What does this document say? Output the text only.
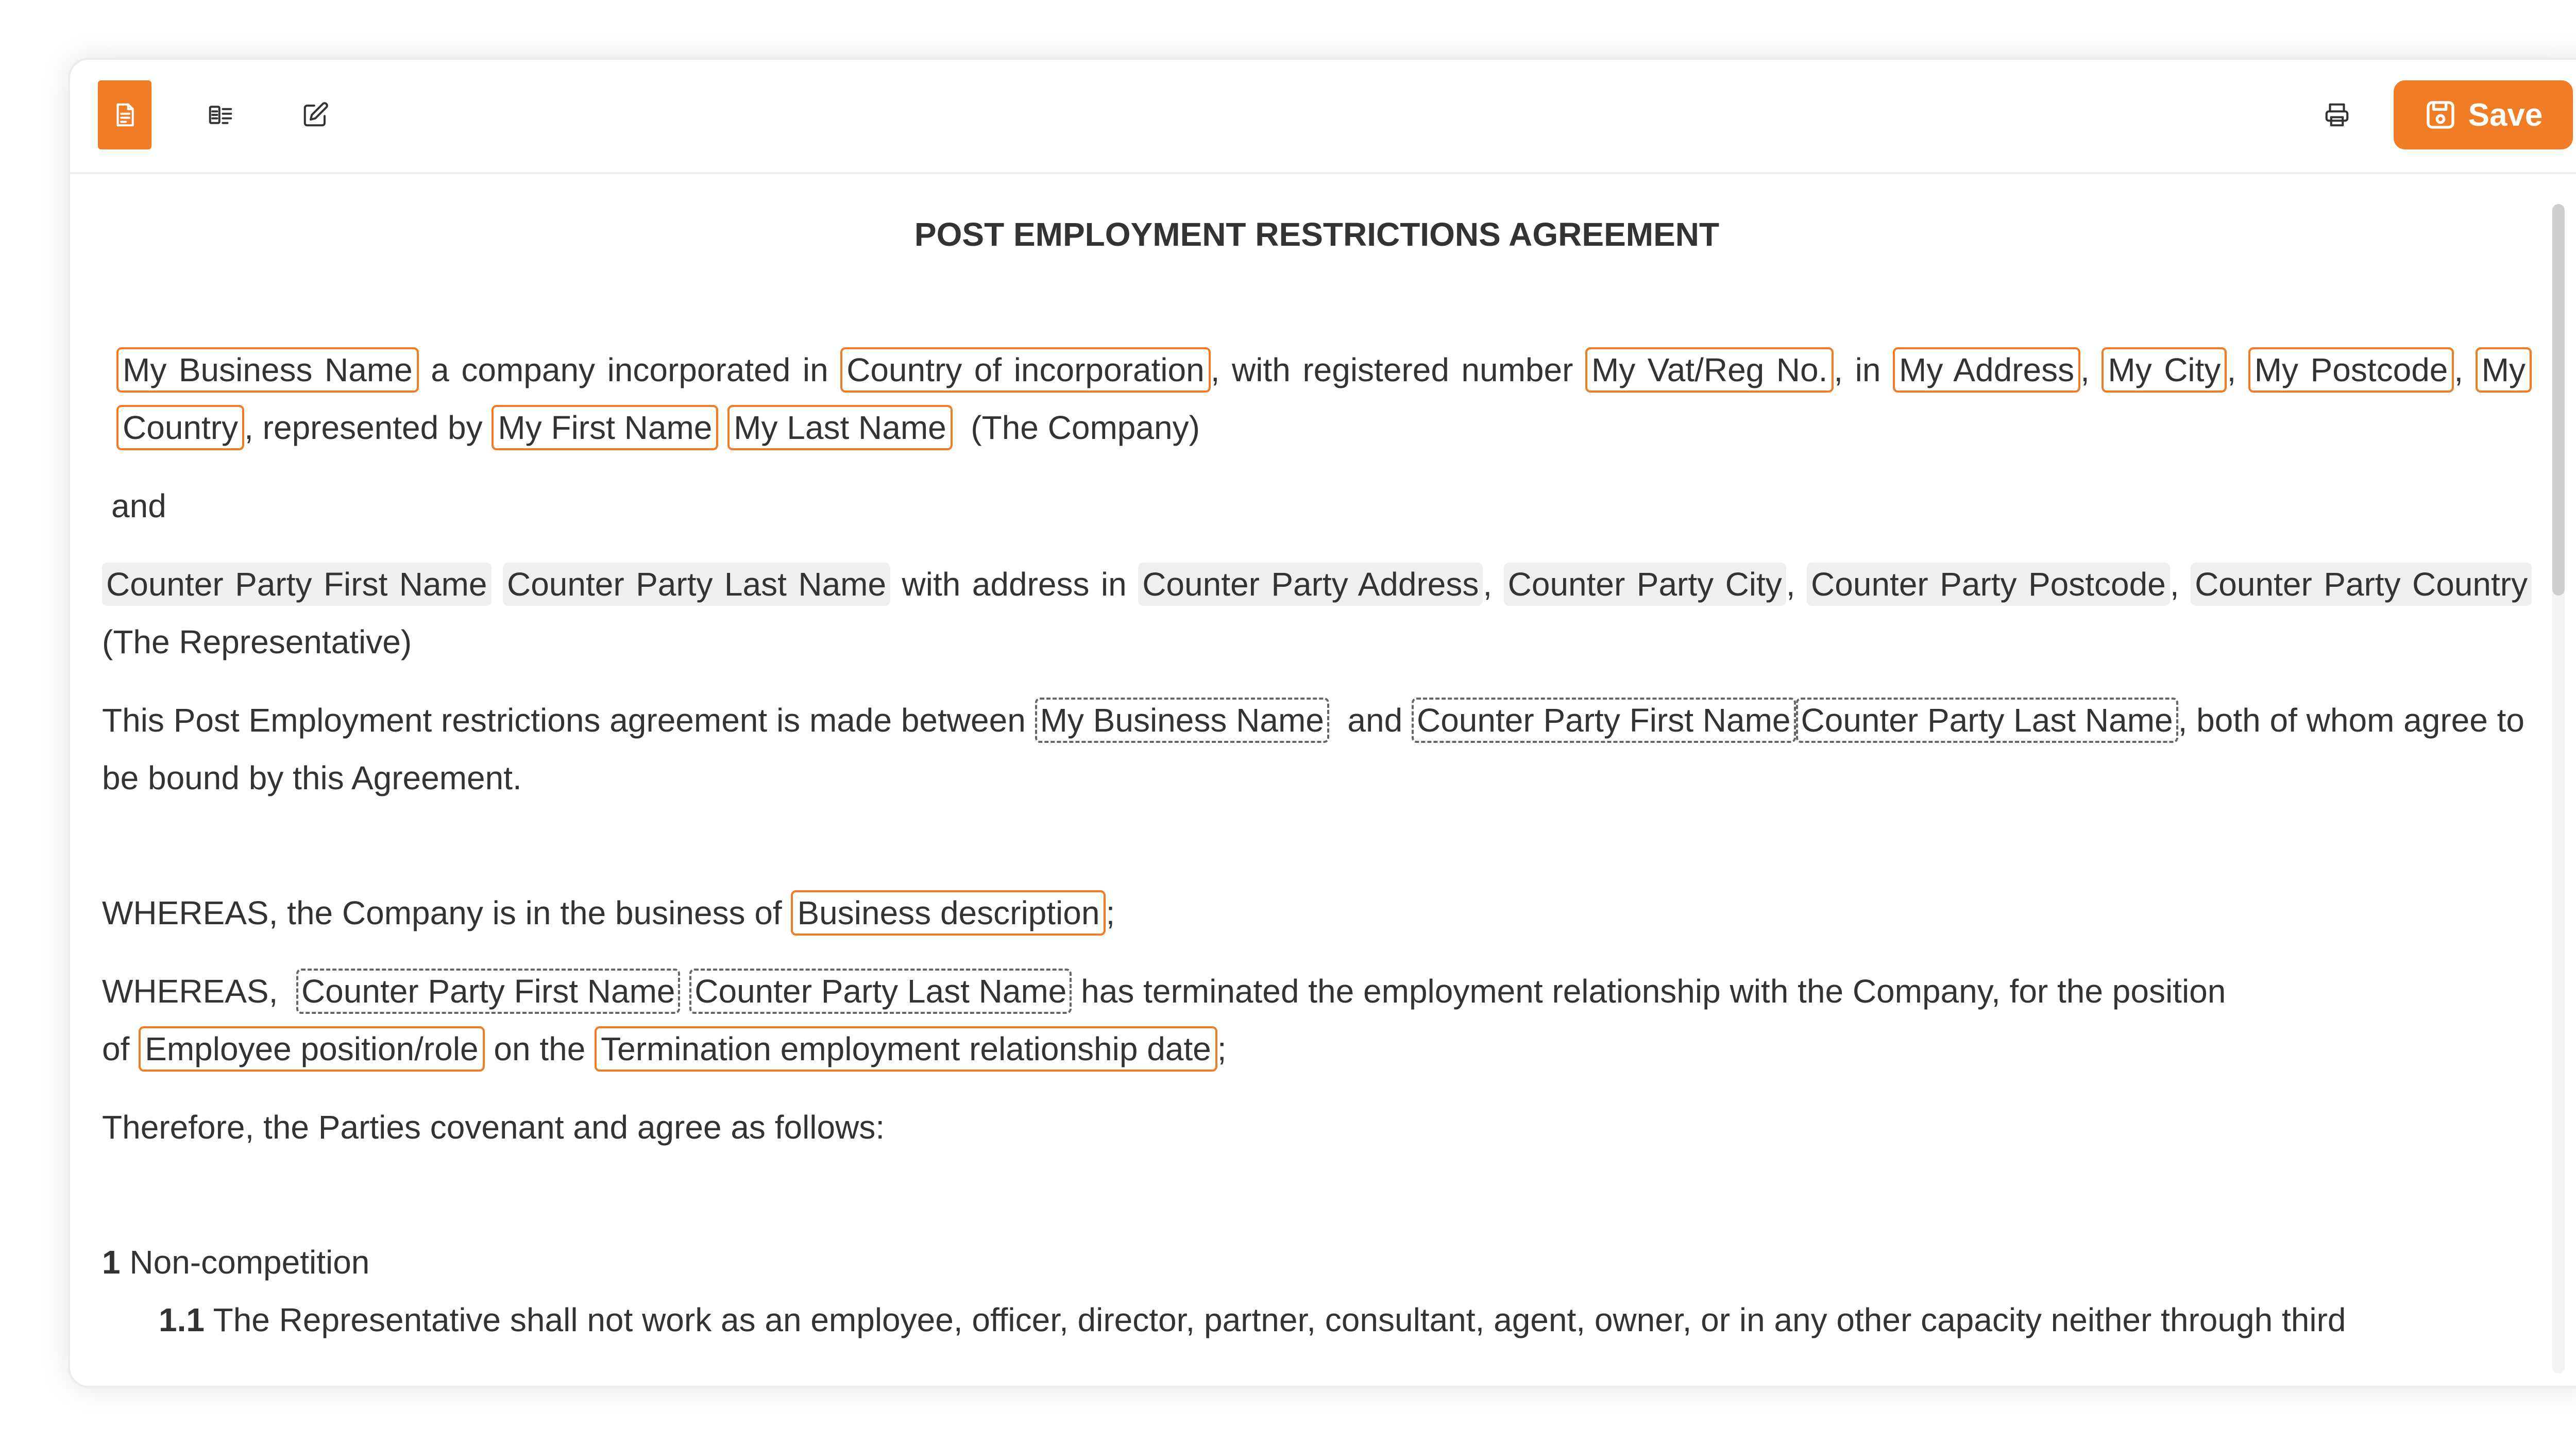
Save
POST EMPLOYMENT RESTRICTIONS AGREEMENT

My Business Name a company incorporated in Country of incorporation , with registered number My Vat/Reg No. , in My Address , My City , My Postcode , My Country , represented by My First Name My Last Name (The Company)

and

Counter Party First Name Counter Party Last Name with address in Counter Party Address , Counter Party City , Counter Party Postcode , Counter Party Country (The Representative)

This Post Employment restrictions agreement is made between My Business Name and Counter Party First Name Counter Party Last Name , both of whom agree to be bound by this Agreement.

WHEREAS, the Company is in the business of Business description ;

WHEREAS, Counter Party First Name Counter Party Last Name has terminated the employment relationship with the Company, for the position
of Employee position/role on the Termination employment relationship date ;

Therefore, the Parties covenant and agree as follows:

1 Non-competition

1.1 The Representative shall not work as an employee, officer, director, partner, consultant, agent, owner, or in any other capacity neither through third
